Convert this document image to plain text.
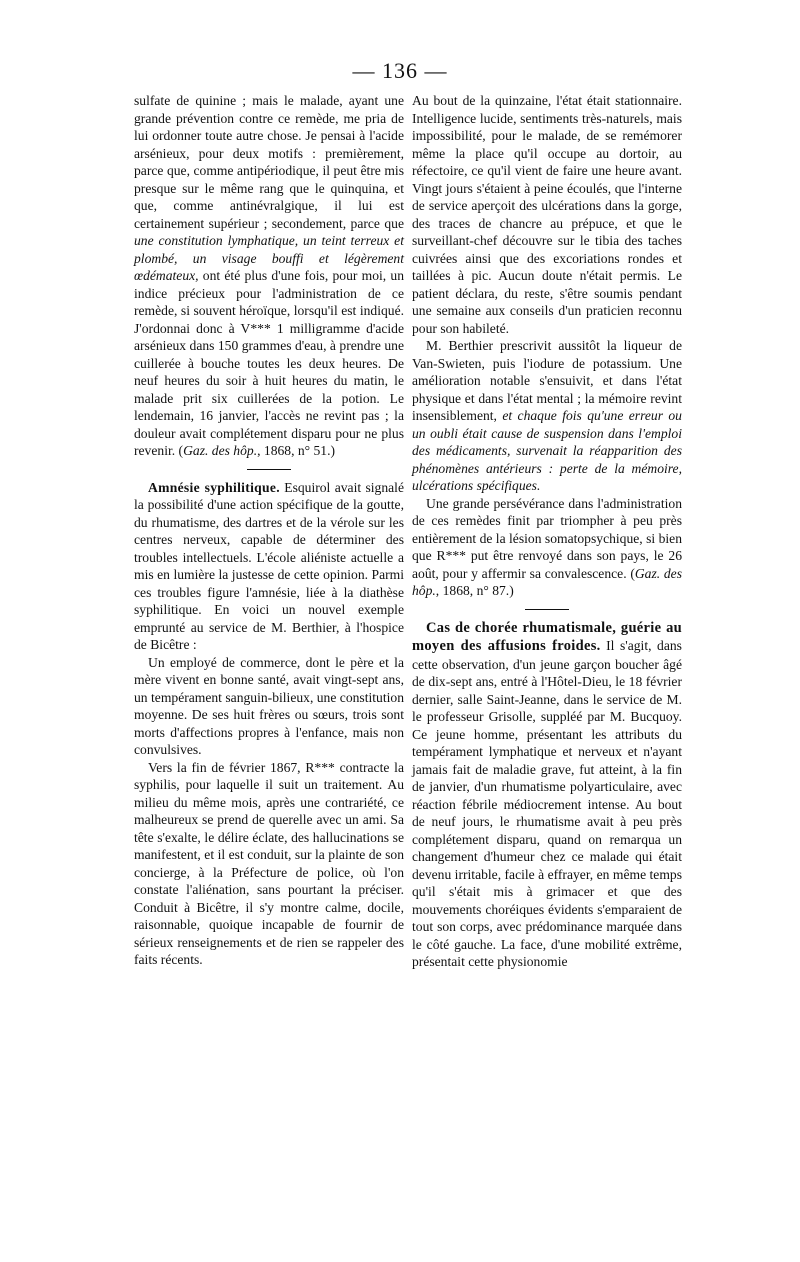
— 136 —

sulfate de quinine ; mais le malade, ayant une grande prévention contre ce remède, me pria de lui ordonner toute autre chose. Je pensai à l'acide arsénieux, pour deux motifs : premièrement, parce que, comme antipériodique, il peut être mis presque sur le même rang que le quinquina, et que, comme antinévralgique, il lui est certainement supérieur ; secondement, parce que une constitution lymphatique, un teint terreux et plombé, un visage bouffi et légèrement œdémateux, ont été plus d'une fois, pour moi, un indice précieux pour l'administration de ce remède, si souvent héroïque, lorsqu'il est indiqué. J'ordonnai donc à V*** 1 milligramme d'acide arsénieux dans 150 grammes d'eau, à prendre une cuillerée à bouche toutes les deux heures. De neuf heures du soir à huit heures du matin, le malade prit six cuillerées de la potion. Le lendemain, 16 janvier, l'accès ne revint pas ; la douleur avait complétement disparu pour ne plus revenir. (Gaz. des hôp., 1868, n° 51.)

Amnésie syphilitique. Esquirol avait signalé la possibilité d'une action spécifique de la goutte, du rhumatisme, des dartres et de la vérole sur les centres nerveux, capable de déterminer des troubles intellectuels. L'école aliéniste actuelle a mis en lumière la justesse de cette opinion. Parmi ces troubles figure l'amnésie, liée à la diathèse syphilitique. En voici un nouvel exemple emprunté au service de M. Berthier, à l'hospice de Bicêtre :

Un employé de commerce, dont le père et la mère vivent en bonne santé, avait vingt-sept ans, un tempérament sanguin-bilieux, une constitution moyenne. De ses huit frères ou sœurs, trois sont morts d'affections propres à l'enfance, mais non convulsives.

Vers la fin de février 1867, R*** contracte la syphilis, pour laquelle il suit un traitement. Au milieu du même mois, après une contrariété, ce malheureux se prend de querelle avec un ami. Sa tête s'exalte, le délire éclate, des hallucinations se manifestent, et il est conduit, sur la plainte de son concierge, à la Préfecture de police, où l'on constate l'aliénation, sans pourtant la préciser. Conduit à Bicêtre, il s'y montre calme, docile, raisonnable, quoique incapable de fournir de sérieux renseignements et de rien se rappeler des faits récents.

Au bout de la quinzaine, l'état était stationnaire. Intelligence lucide, sentiments très-naturels, mais impossibilité, pour le malade, de se remémorer même la place qu'il occupe au dortoir, au réfectoire, ce qu'il vient de faire une heure avant. Vingt jours s'étaient à peine écoulés, que l'interne de service aperçoit des ulcérations dans la gorge, des traces de chancre au prépuce, et que le surveillant-chef découvre sur le tibia des taches cuivrées ainsi que des excoriations rondes et taillées à pic. Aucun doute n'était permis. Le patient déclara, du reste, s'être soumis pendant une semaine aux conseils d'un praticien reconnu pour son habileté.

M. Berthier prescrivit aussitôt la liqueur de Van-Swieten, puis l'iodure de potassium. Une amélioration notable s'ensuivit, et dans l'état physique et dans l'état mental ; la mémoire revint insensiblement, et chaque fois qu'une erreur ou un oubli était cause de suspension dans l'emploi des médicaments, survenait la réapparition des phénomènes antérieurs : perte de la mémoire, ulcérations spécifiques.

Une grande persévérance dans l'administration de ces remèdes finit par triompher à peu près entièrement de la lésion somatopsychique, si bien que R*** put être renvoyé dans son pays, le 26 août, pour y affermir sa convalescence. (Gaz. des hôp., 1868, n° 87.)

Cas de chorée rhumatismale, guérie au moyen des affusions froides. Il s'agit, dans cette observation, d'un jeune garçon boucher âgé de dix-sept ans, entré à l'Hôtel-Dieu, le 18 février dernier, salle Saint-Jeanne, dans le service de M. le professeur Grisolle, suppléé par M. Bucquoy. Ce jeune homme, présentant les attributs du tempérament lymphatique et nerveux et n'ayant jamais fait de maladie grave, fut atteint, à la fin de janvier, d'un rhumatisme polyarticulaire, avec réaction fébrile médiocrement intense. Au bout de neuf jours, le rhumatisme avait à peu près complétement disparu, quand on remarqua un changement d'humeur chez ce malade qui était devenu irritable, facile à effrayer, en même temps qu'il s'était mis à grimacer et que des mouvements choréiques évidents s'emparaient de tout son corps, avec prédominance marquée dans le côté gauche. La face, d'une mobilité extrême, présentait cette physionomie
